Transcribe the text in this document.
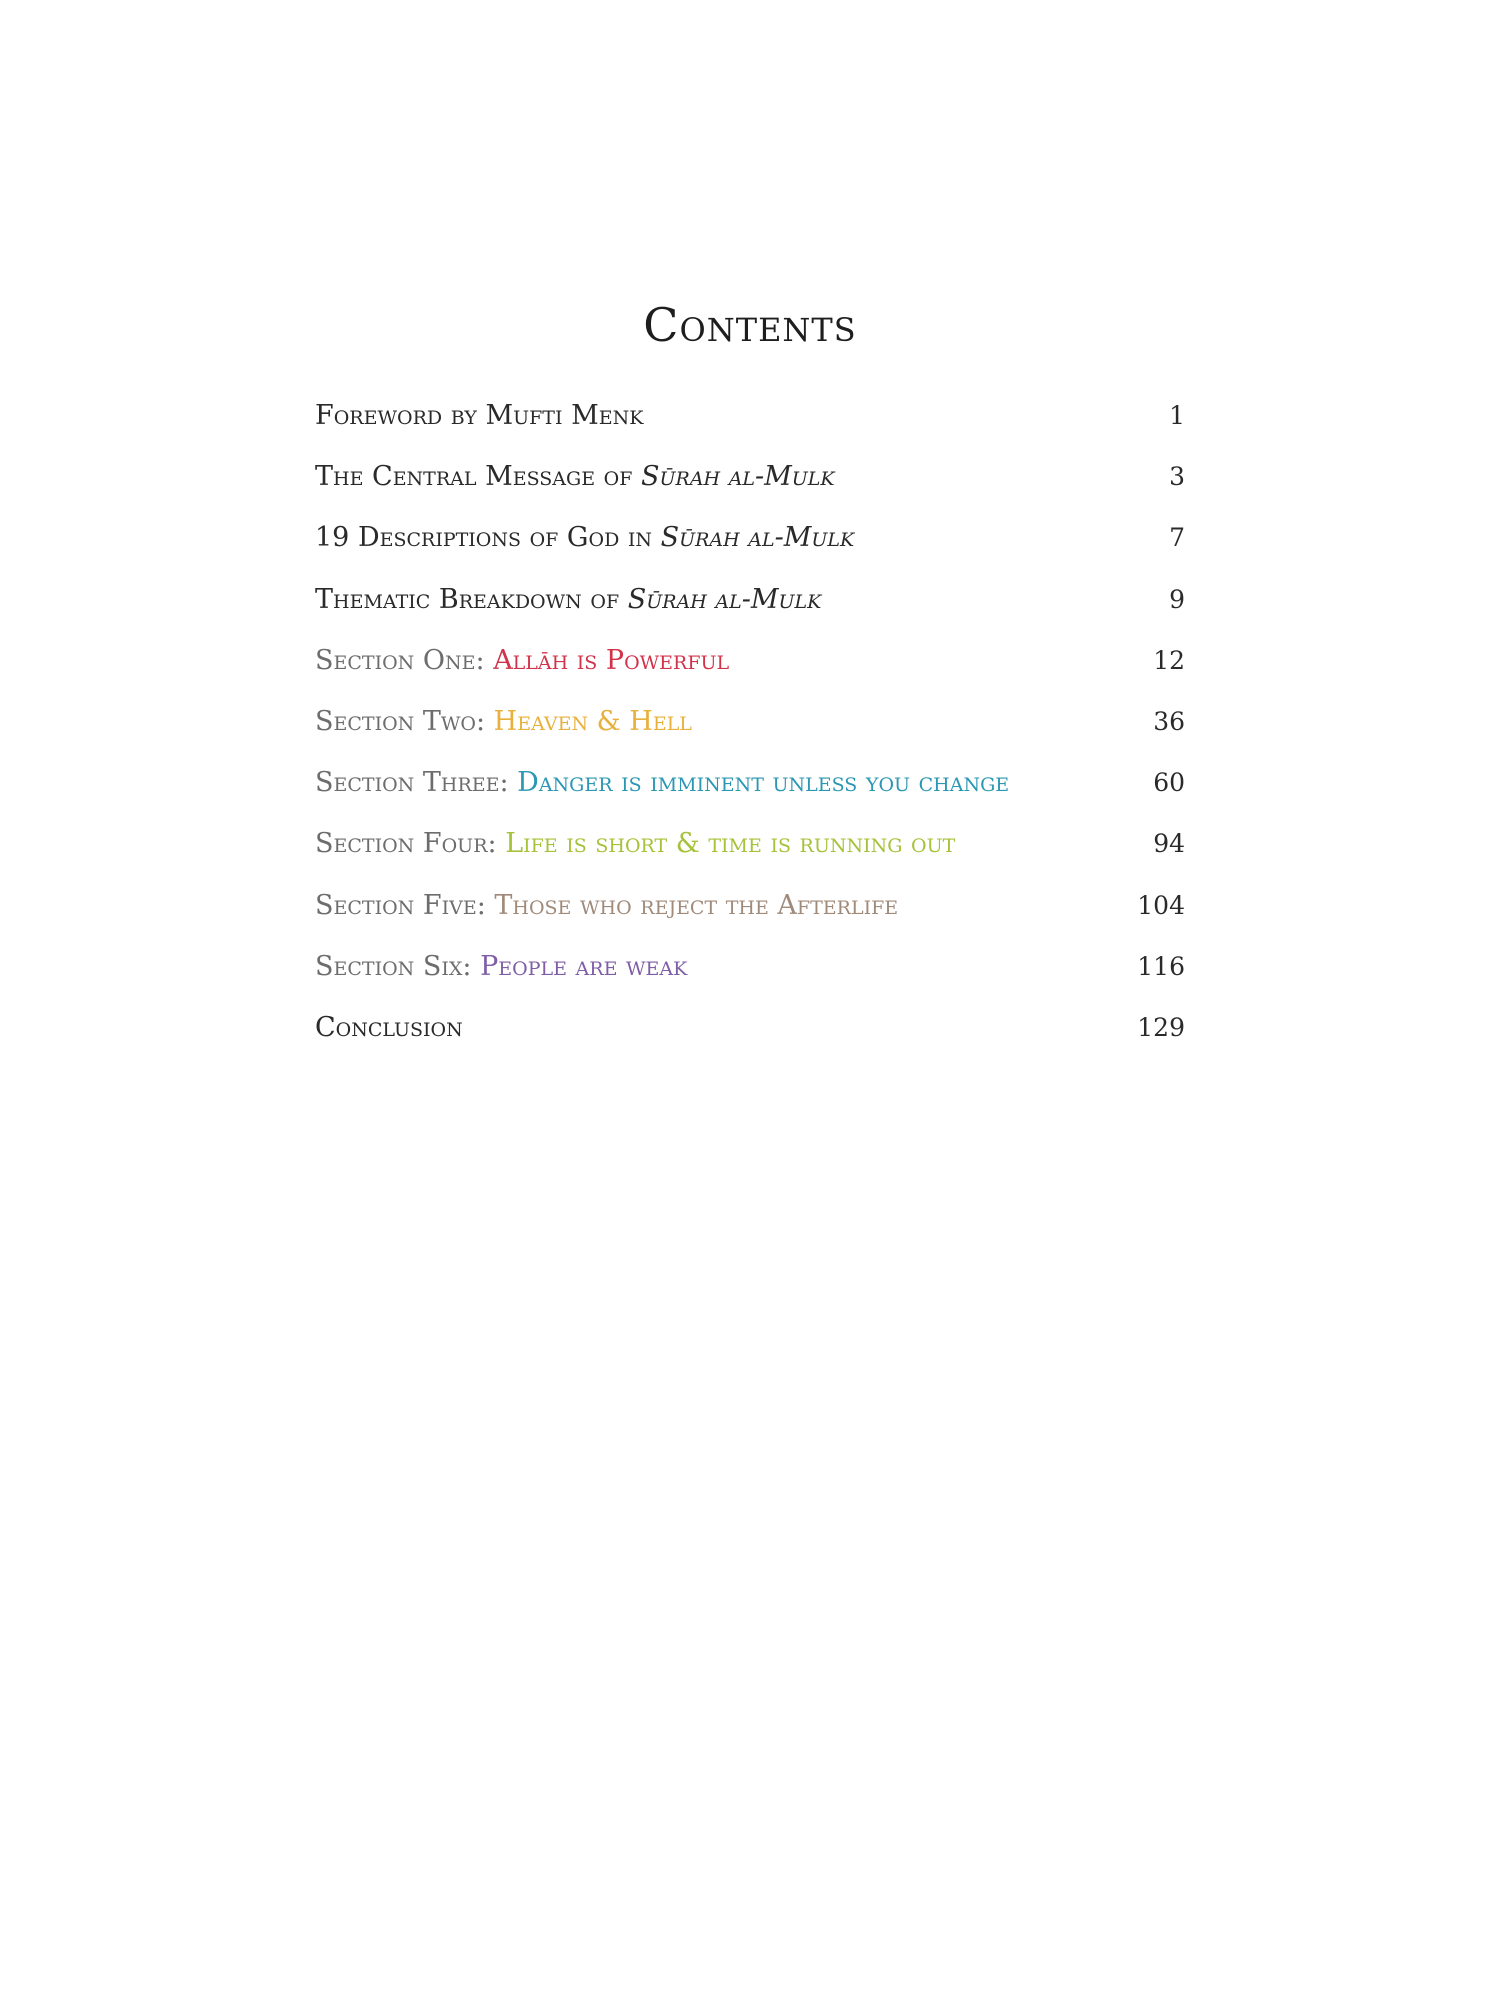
Contents
Foreword by Mufti Menk	1
The Central Message of Sūrah al-Mulk	3
19 Descriptions of God in Sūrah al-Mulk	7
Thematic Breakdown of Sūrah al-Mulk	9
Section One: Allāh is Powerful	12
Section Two: Heaven & Hell	36
Section Three: Danger is imminent unless you change	60
Section Four: Life is short & time is running out	94
Section Five: Those who reject the Afterlife	104
Section Six: People are weak	116
Conclusion	129
